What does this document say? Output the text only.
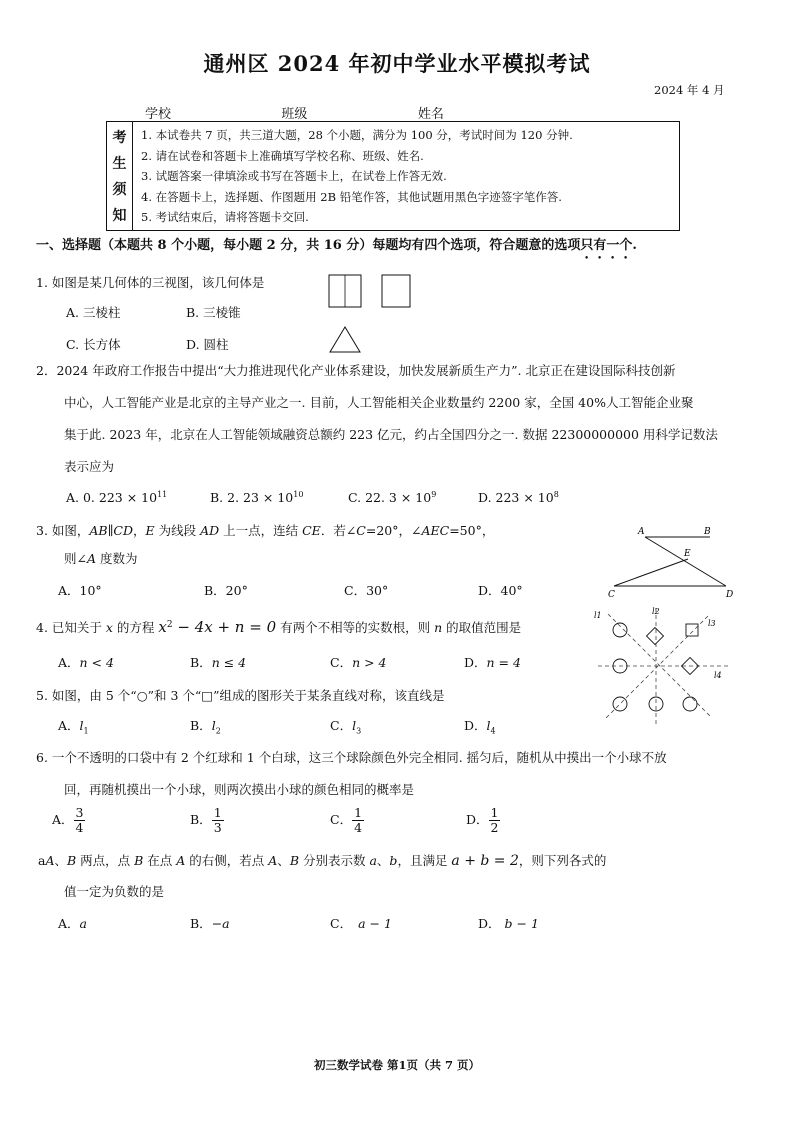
通州区 2024 年初中学业水平模拟考试
2024 年 4 月
学校	班级	姓名
考
生
须
知
1. 本试卷共 7 页，共三道大题，28 个小题，满分为 100 分，考试时间为 120 分钟.
2. 请在试卷和答题卡上准确填写学校名称、班级、姓名.
3. 试题答案一律填涂或书写在答题卡上，在试卷上作答无效.
4. 在答题卡上，选择题、作图题用 2B 铅笔作答，其他试题用黑色字迹签字笔作答.
5. 考试结束后，请将答题卡交回.
一、选择题（本题共 8 个小题，每小题 2 分，共 16 分）每题均有四个选项，符合题意的选项只有一个.
1. 如图是某几何体的三视图，该几何体是
A. 三棱柱	B. 三棱锥
C. 长方体	D. 圆柱
2．2024 年政府工作报告中提出“大力推进现代化产业体系建设，加快发展新质生产力”. 北京正在建设国际科技创新
中心，人工智能产业是北京的主导产业之一. 目前，人工智能相关企业数量约 2200 家，全国 40%人工智能企业聚
集于此. 2023 年，北京在人工智能领域融资总额约 223 亿元，约占全国四分之一. 数据 22300000000 用科学记数法
表示应为
A. 0. $223 \times 10^{11}$	B. 2. $23 \times 10^{10}$	C. 22. $3 \times 10^9$	D. $223 \times 10^8$
3. 如图，AB∥CD，E 为线段 AD 上一点，连结 CE．若∠C=20°，∠AEC=50°，
则∠A 度数为
A．10°	B．20°	C．30°	D．40°
A	B
E
C	D
4. 已知关于 x 的方程 $x^2 - 4x + n = 0$ 有两个不相等的实数根，则 n 的取值范围是
A．n < 4	B．n ≤ 4	C．n > 4	D．n = 4
5. 如图，由 5 个“○”和 3 个“□”组成的图形关于某条直线对称，该直线是
A．$l_1$	B．$l_2$	C．$l_3$	D．$l_4$
l1	l2
l3
l4
6. 一个不透明的口袋中有 2 个红球和 1 个白球，这三个球除颜色外完全相同. 摇匀后，随机从中摸出一个小球不放
回，再随机摸出一个小球，则两次摸出小球的颜色相同的概率是
A． $\frac{3}{4}$	B． $\frac{1}{3}$	C． $\frac{1}{4}$	D． $\frac{1}{2}$
aA、B 两点，点 B 在点 A 的右侧，若点 A、B 分别表示数 a、b，且满足 a + b = 2，则下列各式的
值一定为负数的是
A．a	B．−a	C． a − 1	D． b − 1
初三数学试卷 第1页（共 7 页）
